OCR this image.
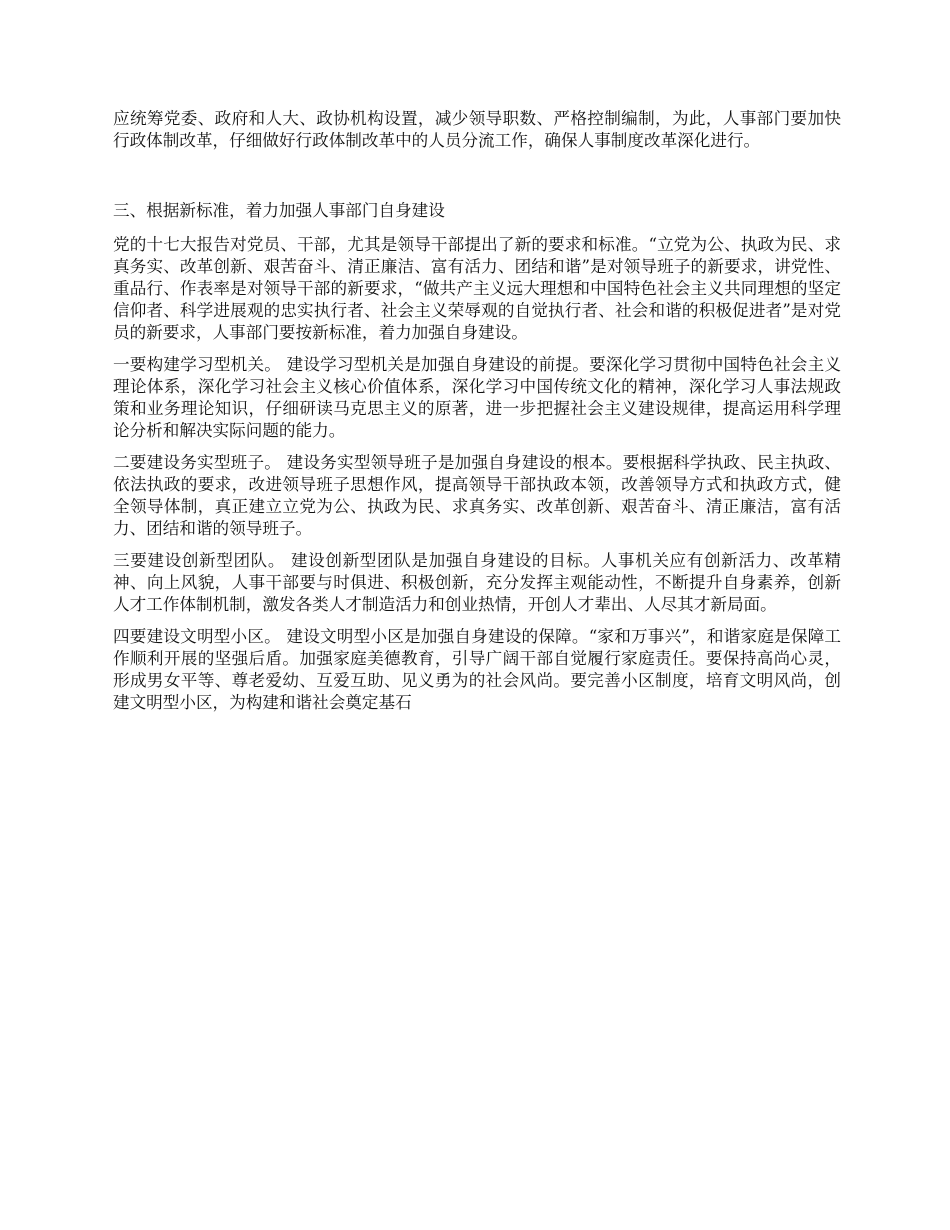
应统筹党委、政府和人大、政协机构设置，减少领导职数、严格控制编制，为此，人事部门要加快行政体制改革，仔细做好行政体制改革中的人员分流工作，确保人事制度改革深化进行。

三、根据新标准，着力加强人事部门自身建设

党的十七大报告对党员、干部，尤其是领导干部提出了新的要求和标准。“立党为公、执政为民、求真务实、改革创新、艰苦奋斗、清正廉洁、富有活力、团结和谐”是对领导班子的新要求，讲党性、重品行、作表率是对领导干部的新要求，“做共产主义远大理想和中国特色社会主义共同理想的坚定信仰者、科学进展观的忠实执行者、社会主义荣辱观的自觉执行者、社会和谐的积极促进者”是对党员的新要求，人事部门要按新标准，着力加强自身建设。

一要构建学习型机关。 建设学习型机关是加强自身建设的前提。要深化学习贯彻中国特色社会主义理论体系，深化学习社会主义核心价值体系，深化学习中国传统文化的精神，深化学习人事法规政策和业务理论知识，仔细研读马克思主义的原著，进一步把握社会主义建设规律，提高运用科学理论分析和解决实际问题的能力。

二要建设务实型班子。 建设务实型领导班子是加强自身建设的根本。要根据科学执政、民主执政、依法执政的要求，改进领导班子思想作风，提高领导干部执政本领，改善领导方式和执政方式，健全领导体制，真正建立立党为公、执政为民、求真务实、改革创新、艰苦奋斗、清正廉洁，富有活力、团结和谐的领导班子。

三要建设创新型团队。 建设创新型团队是加强自身建设的目标。人事机关应有创新活力、改革精神、向上风貌，人事干部要与时俱进、积极创新，充分发挥主观能动性，不断提升自身素养，创新人才工作体制机制，激发各类人才制造活力和创业热情，开创人才辈出、人尽其才新局面。

四要建设文明型小区。 建设文明型小区是加强自身建设的保障。“家和万事兴”，和谐家庭是保障工作顺利开展的坚强后盾。加强家庭美德教育，引导广阔干部自觉履行家庭责任。要保持高尚心灵，形成男女平等、尊老爱幼、互爱互助、见义勇为的社会风尚。要完善小区制度，培育文明风尚，创建文明型小区，为构建和谐社会奠定基石
